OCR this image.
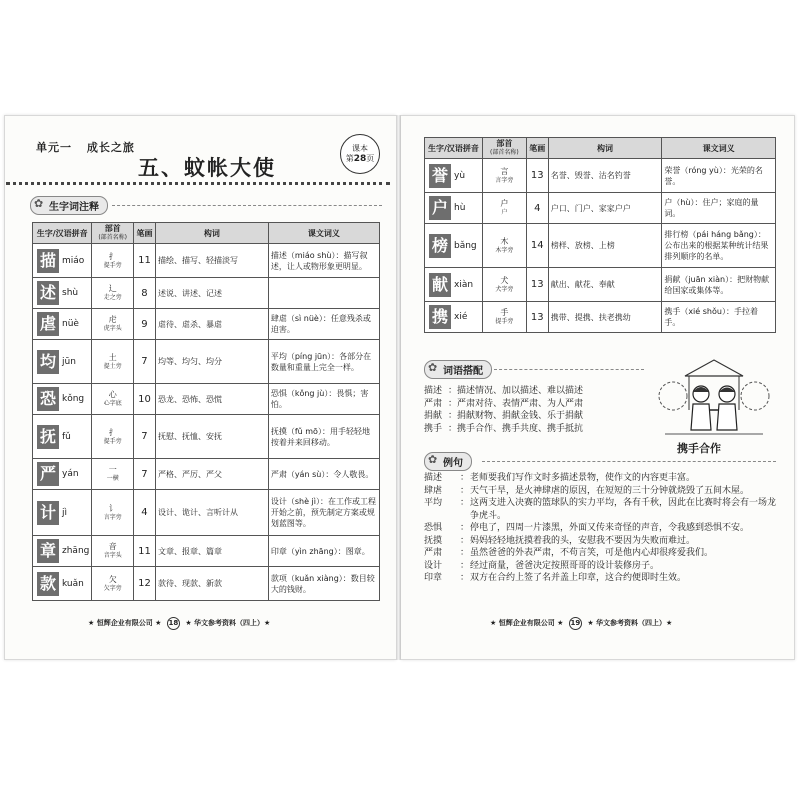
单元一 成长之旅
五、蚊帐大使
课本
第28页
✿ 生字词注释
生字/汉语拼音	部首
(部首名称)	笔画	构词	课文词义

描 miáo	扌
提手旁	11	描绘、描写、轻描淡写	描述（miáo shù）：描写叙述，让人或物形象更明显。

述 shù	辶
走之旁	8	述说、讲述、记述	

虐 nüè	虍
虎字头	9	虐待、虐杀、暴虐	肆虐（sì nüè）：任意残杀或迫害。

均 jūn	土
提土旁	7	均等、均匀、均分	平均（píng jūn）：各部分在数量和重量上完全一样。

恐 kǒng	心
心字底	10	恐龙、恐怖、恐慌	恐惧（kǒng jù）：畏惧；害怕。

抚 fǔ	扌
提手旁	7	抚慰、抚恤、安抚	抚摸（fǔ mō）：用手轻轻地按着并来回移动。

严 yán	一
一横	7	严格、严厉、严父	严肃（yán sù）：令人敬畏。

计 jì	讠
言字旁	4	设计、诡计、言听计从	设计（shè jì）：在工作或工程开始之前，预先制定方案或规划蓝图等。

章 zhāng	音
音字头	11	文章、报章、篇章	印章（yìn zhāng）：图章。

款 kuǎn	欠
欠字旁	12	款待、现款、新款	款项（kuǎn xiàng）：数目较大的钱财。
★ 恒辉企业有限公司 ★ 18 ★ 华文参考资料（四上）★
生字/汉语拼音	部首
(部首名称)	笔画	构词	课文词义

誉 yù	言
言字旁	13	名誉、毁誉、沽名钓誉	荣誉（róng yù）：光荣的名誉。

户 hù	户
户	4	户口、门户、家家户户	户（hù）：住户；家庭的量词。

榜 bǎng	木
木字旁	14	榜样、放榜、上榜	排行榜（pái háng bǎng）：公布出来的根据某种统计结果排列顺序的名单。

献 xiàn	犬
犬字旁	13	献出、献花、奉献	捐献（juān xiàn）：把财物献给国家或集体等。

携 xié	手
提手旁	13	携带、提携、扶老携幼	携手（xié shǒu）：手拉着手。
✿ 词语搭配
描述 ：描述情况、加以描述、难以描述
严肃 ：严肃对待、表情严肃、为人严肃
捐献 ：捐献财物、捐献金钱、乐于捐献
携手 ：携手合作、携手共度、携手抵抗
携手合作
✿ 例句
描述	： 老师要我们写作文时多描述景物，使作文的内容更丰富。
肆虐	： 天气干旱，是火神肆虐的原因，在短短的三十分钟就烧毁了五间木屋。
平均	： 这两支进入决赛的篮球队的实力平均，各有千秋，因此在比赛时将会有一场龙争虎斗。
恐惧	： 停电了，四周一片漆黑，外面又传来奇怪的声音，令我感到恐惧不安。
抚摸	： 妈妈轻轻地抚摸着我的头，安慰我不要因为失败而难过。
严肃	： 虽然爸爸的外表严肃，不苟言笑，可是他内心却很疼爱我们。
设计	： 经过商量，爸爸决定按照哥哥的设计装修房子。
印章	： 双方在合约上签了名并盖上印章，这合约便即时生效。
★ 恒辉企业有限公司 ★ 19 ★ 华文参考资料（四上）★
